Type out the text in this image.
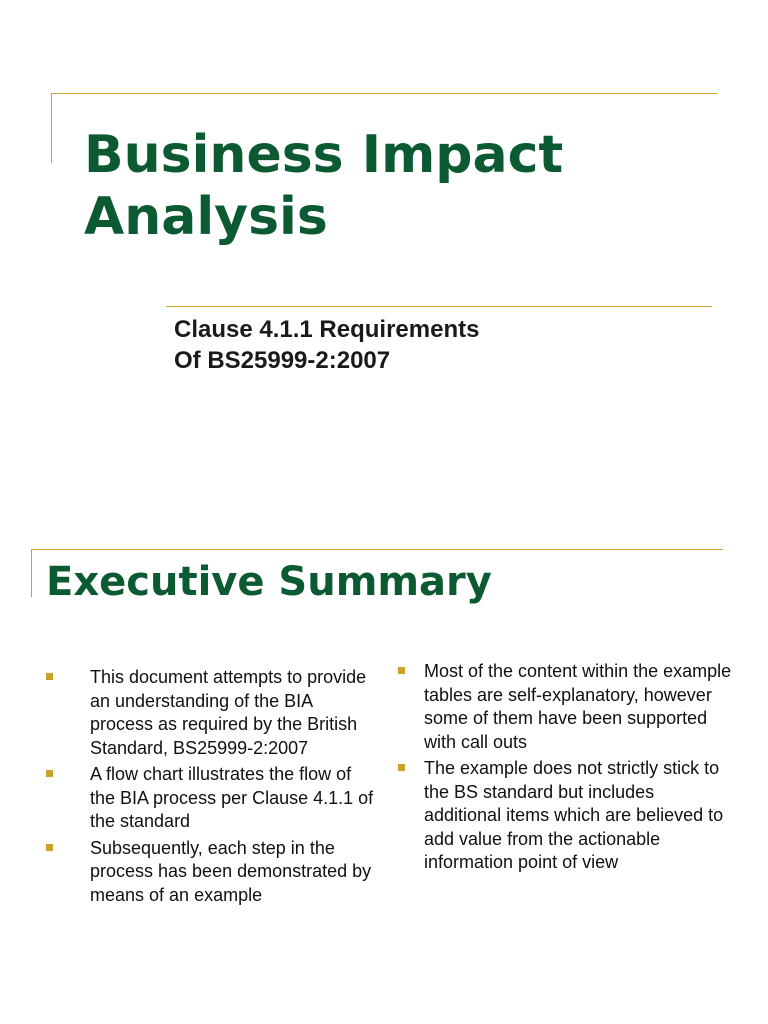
Business Impact
Analysis
Clause 4.1.1 Requirements
Of BS25999-2:2007
Executive Summary
This document attempts to provide an understanding of the BIA process as required by the British Standard, BS25999-2:2007
A flow chart illustrates the flow of the BIA process per Clause 4.1.1 of the standard
Subsequently, each step in the process has been demonstrated by means of an example
Most of the content within the example tables are self-explanatory, however some of them have been supported with call outs
The example does not strictly stick to the BS standard but includes additional items which are believed to add value from the actionable information point of view
